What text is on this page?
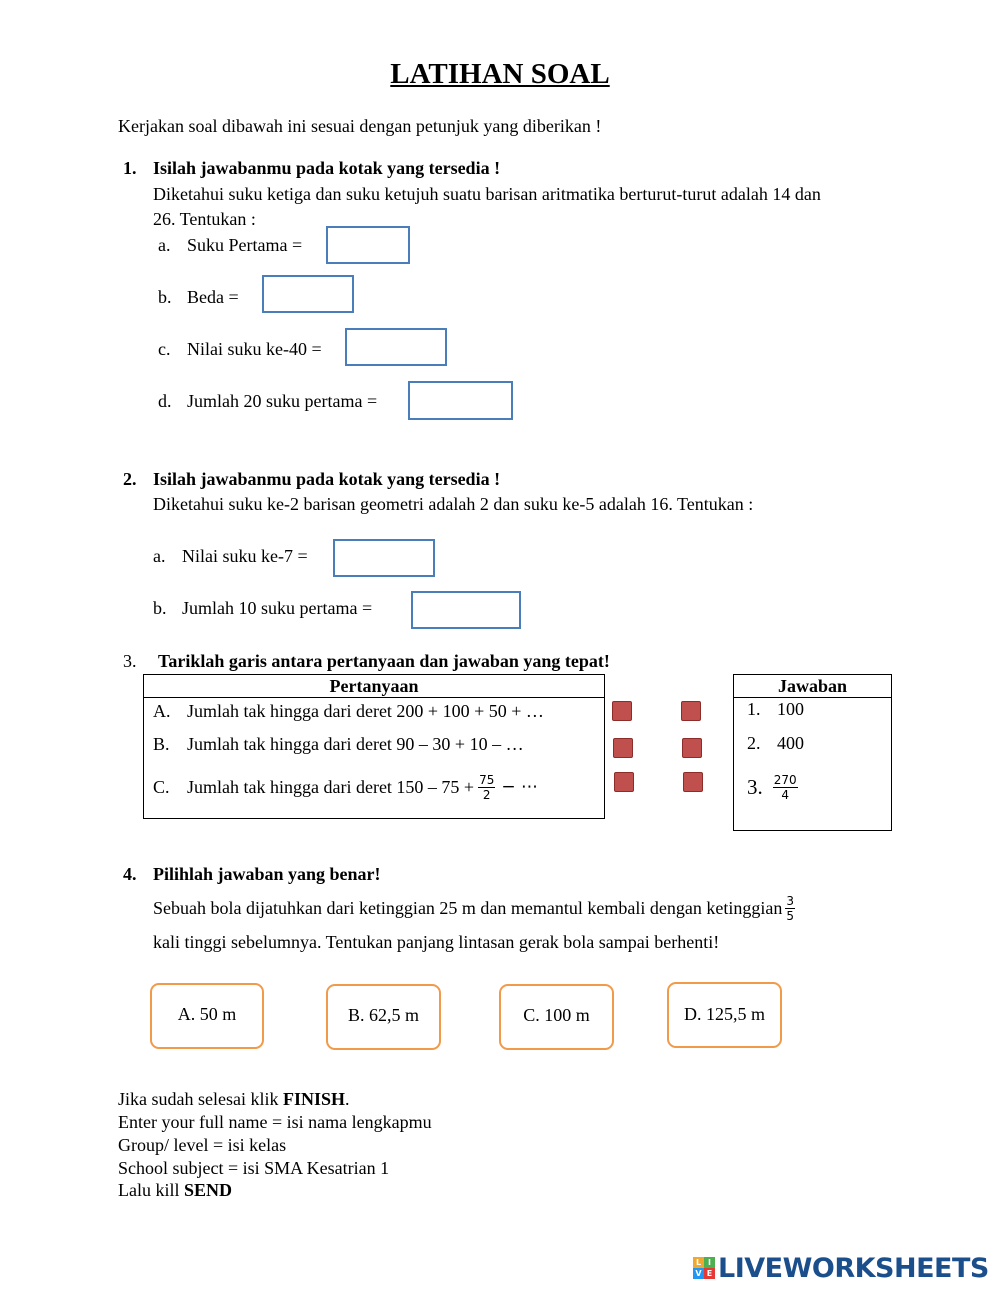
LATIHAN SOAL
Kerjakan soal dibawah ini sesuai dengan petunjuk yang diberikan !
1. Isilah jawabanmu pada kotak yang tersedia !
Diketahui suku ketiga dan suku ketujuh suatu barisan aritmatika berturut-turut adalah 14 dan
26. Tentukan :
a. Suku Pertama =
b. Beda =
c. Nilai suku ke-40 =
d. Jumlah 20 suku pertama =
2. Isilah jawabanmu pada kotak yang tersedia !
Diketahui suku ke-2 barisan geometri adalah 2 dan suku ke-5 adalah 16. Tentukan :
a. Nilai suku ke-7 =
b. Jumlah 10 suku pertama =
3. Tariklah garis antara pertanyaan dan jawaban yang tepat!
Pertanyaan
A. Jumlah tak hingga dari deret 200 + 100 + 50 + …
B. Jumlah tak hingga dari deret 90 – 30 + 10 – …
C. Jumlah tak hingga dari deret $150 - 75 + \frac{75}{2}$ − ⋯
Jawaban
1. 100
2. 400
3. $\frac{270}{4}$
4. Pilihlah jawaban yang benar!
Sebuah bola dijatuhkan dari ketinggian 25 m dan memantul kembali dengan ketinggian $\frac{3}{5}$
kali tinggi sebelumnya. Tentukan panjang lintasan gerak bola sampai berhenti!
A. 50 m	B. 62,5 m	C. 100 m	D. 125,5 m
Jika sudah selesai klik FINISH.
Enter your full name = isi nama lengkapmu
Group/ level = isi kelas
School subject = isi SMA Kesatrian 1
Lalu kill SEND
L I
V E LIVEWORKSHEETS
